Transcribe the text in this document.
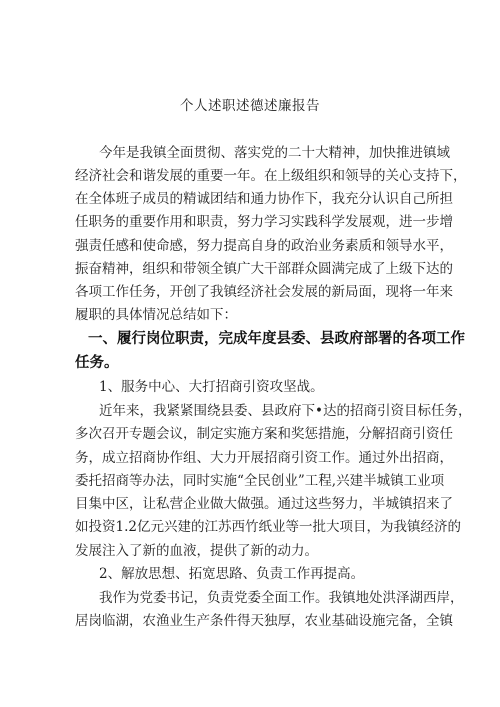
个人述职述德述廉报告
今年是我镇全面贯彻、落实党的二十大精神，加快推进镇域
经济社会和谐发展的重要一年。在上级组织和领导的关心支持下，
在全体班子成员的精诚团结和通力协作下，我充分认识自己所担
任职务的重要作用和职责，努力学习实践科学发展观，进一步增
强责任感和使命感，努力提高自身的政治业务素质和领导水平，
振奋精神，组织和带领全镇广大干部群众圆满完成了上级下达的
各项工作任务，开创了我镇经济社会发展的新局面，现将一年来
履职的具体情况总结如下：
一、履行岗位职责，完成年度县委、县政府部署的各项工作
任务。
1、服务中心、大打招商引资攻坚战。
近年来，我紧紧围绕县委、县政府下•达的招商引资目标任务，
多次召开专题会议，制定实施方案和奖惩措施，分解招商引资任
务，成立招商协作组、大力开展招商引资工作。通过外出招商，
委托招商等办法，同时实施“全民创业”工程,兴建半城镇工业项
目集中区，让私营企业做大做强。通过这些努力，半城镇招来了
如投资1.2亿元兴建的江苏西竹纸业等一批大项目，为我镇经济的
发展注入了新的血液，提供了新的动力。
2、解放思想、拓宽思路、负责工作再提高。
我作为党委书记，负责党委全面工作。我镇地处洪泽湖西岸，
居岗临湖，农渔业生产条件得天独厚，农业基础设施完备，全镇
